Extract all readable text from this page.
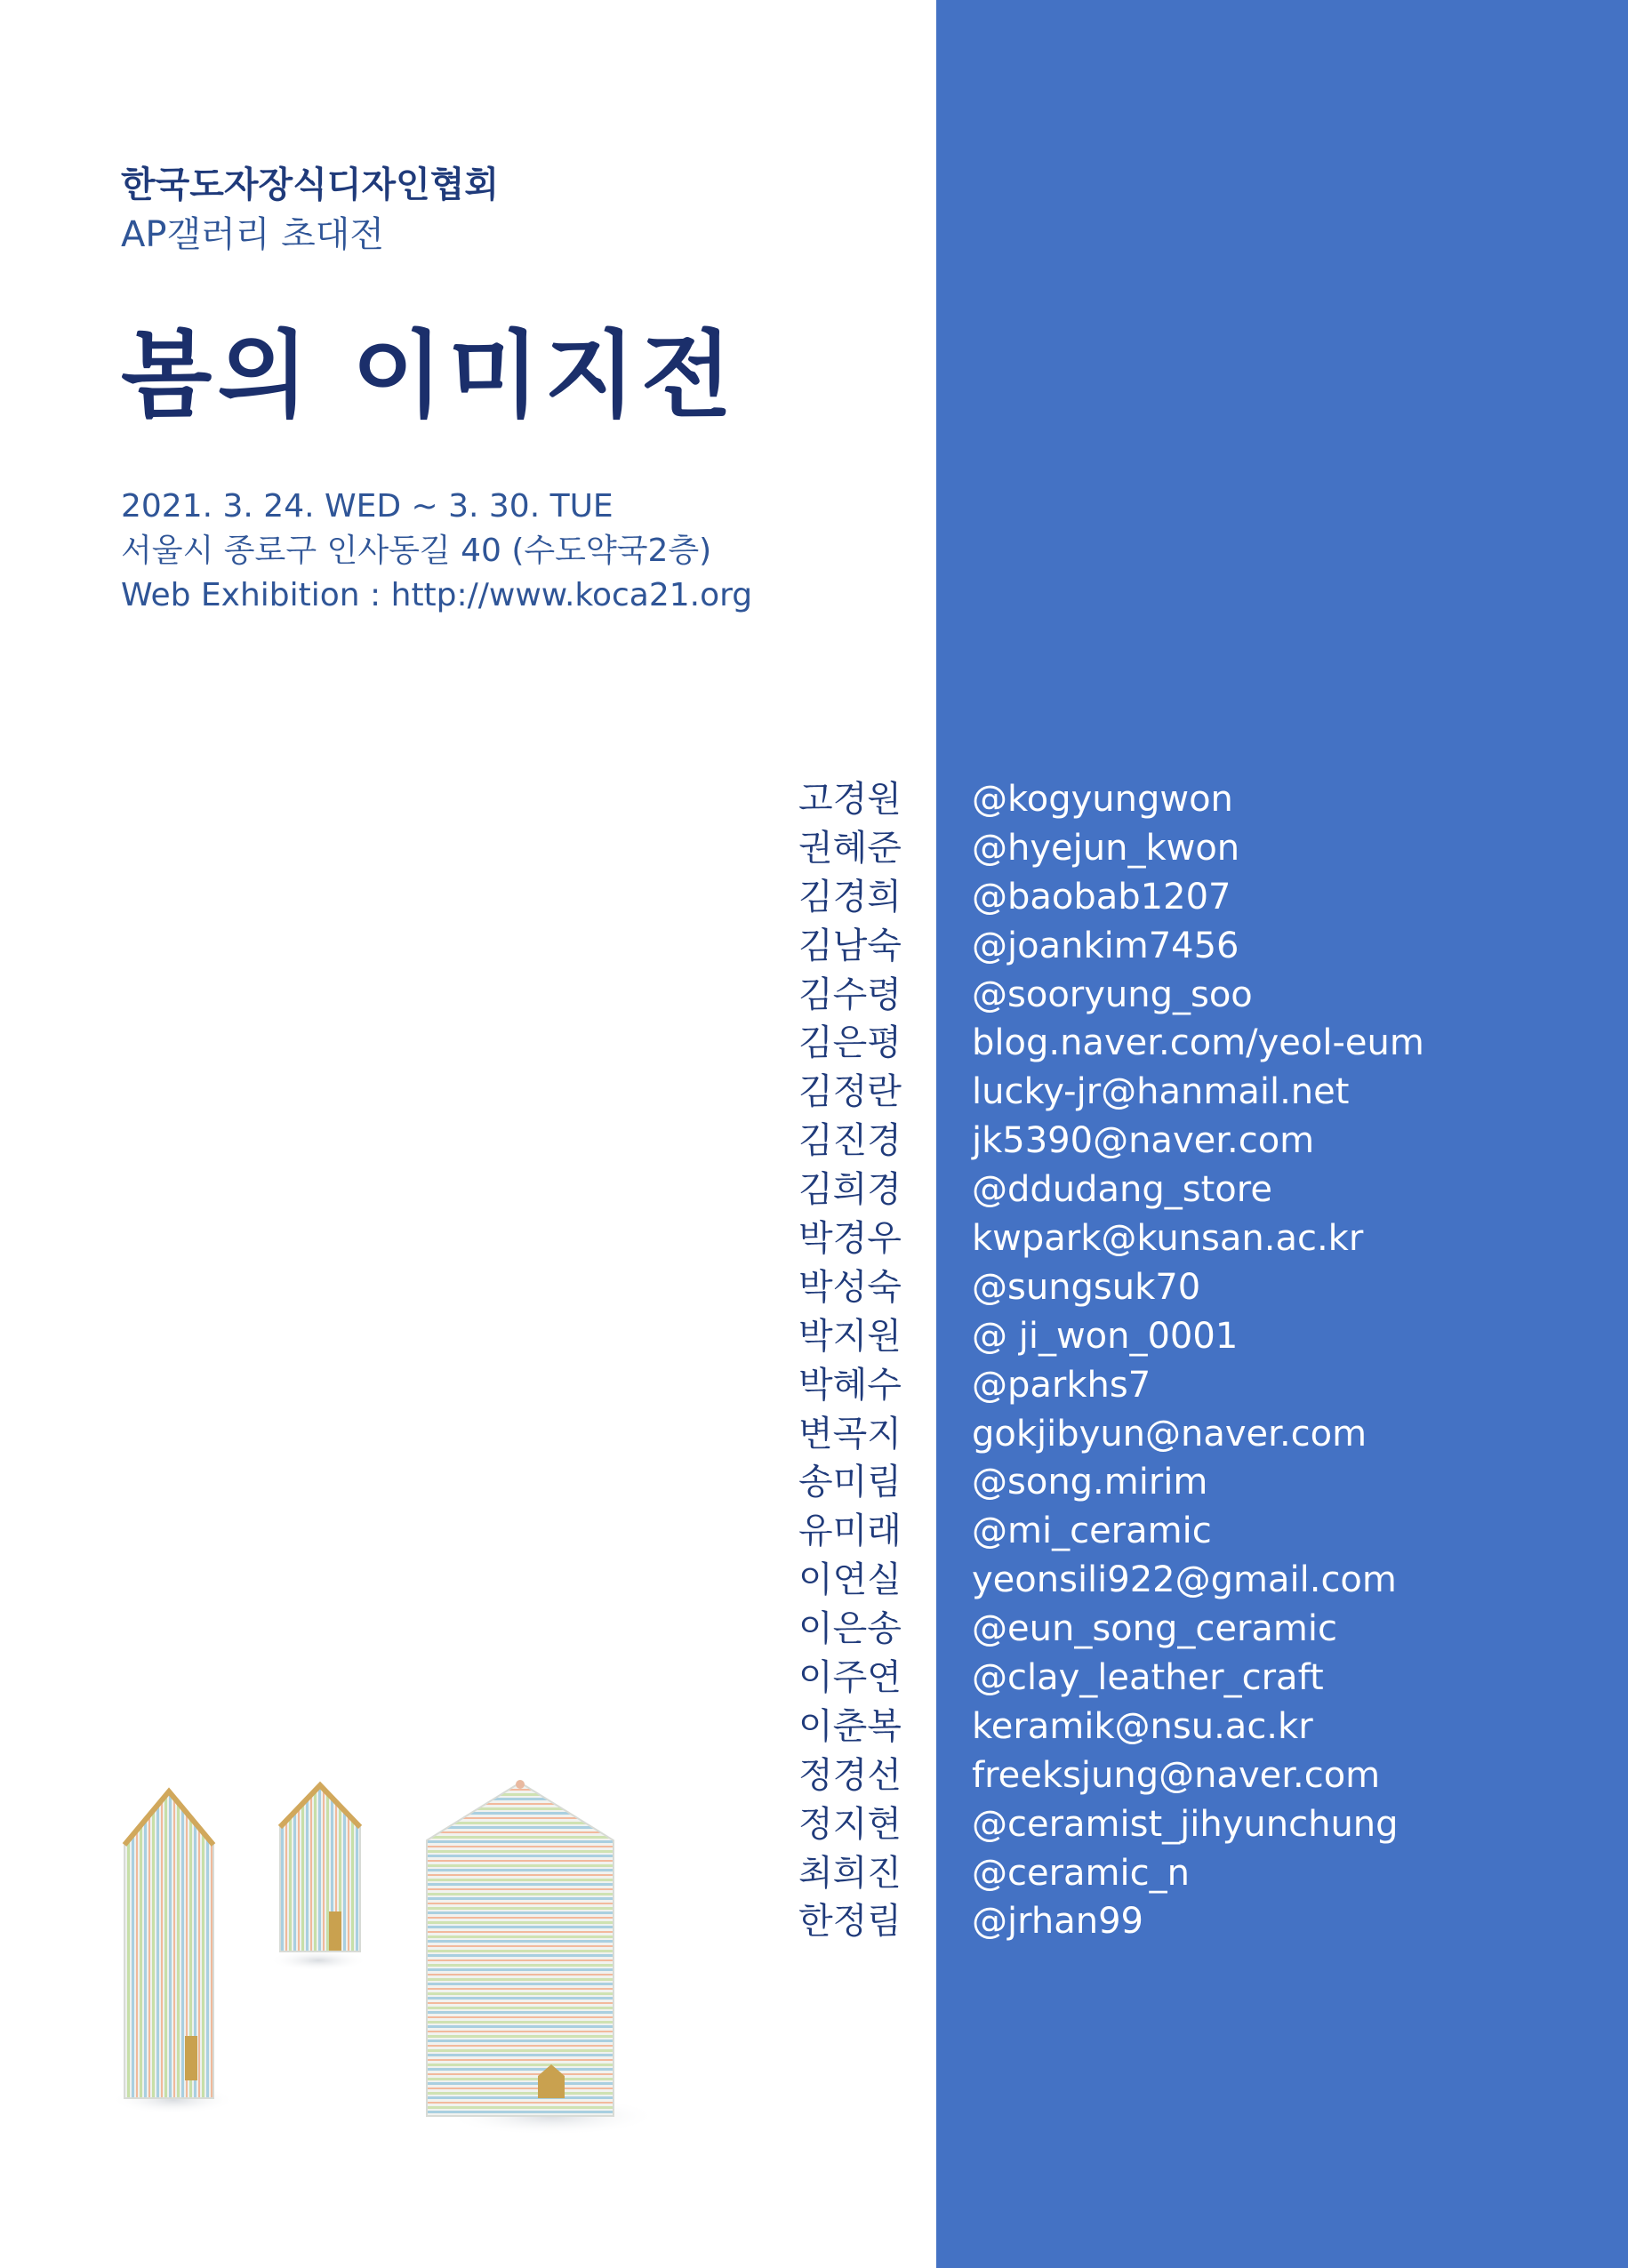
한국도자장식디자인협회

AP갤러리 초대전

봄의 이미지전
2021. 3. 24. WED ~ 3. 30. TUE
서울시 종로구 인사동길 40 (수도약국2층)
Web Exhibition : http://www.koca21.org
고경원 @kogyungwon
권혜준 @hyejun_kwon
김경희 @baobab1207
김남숙 @joankim7456
김수령 @sooryung_soo
김은평 blog.naver.com/yeol-eum
김정란 lucky-jr@hanmail.net
김진경 jk5390@naver.com
김희경 @ddudang_store
박경우 kwpark@kunsan.ac.kr
박성숙 @sungsuk70
박지원 @ ji_won_0001
박혜수 @parkhs7
변곡지 gokjibyun@naver.com
송미림 @song.mirim
유미래 @mi_ceramic
이연실 yeonsili922@gmail.com
이은송 @eun_song_ceramic
이주연 @clay_leather_craft
이춘복 keramik@nsu.ac.kr
정경선 freeksjung@naver.com
정지현 @ceramist_jihyunchung
최희진 @ceramic_n
한정림 @jrhan99
